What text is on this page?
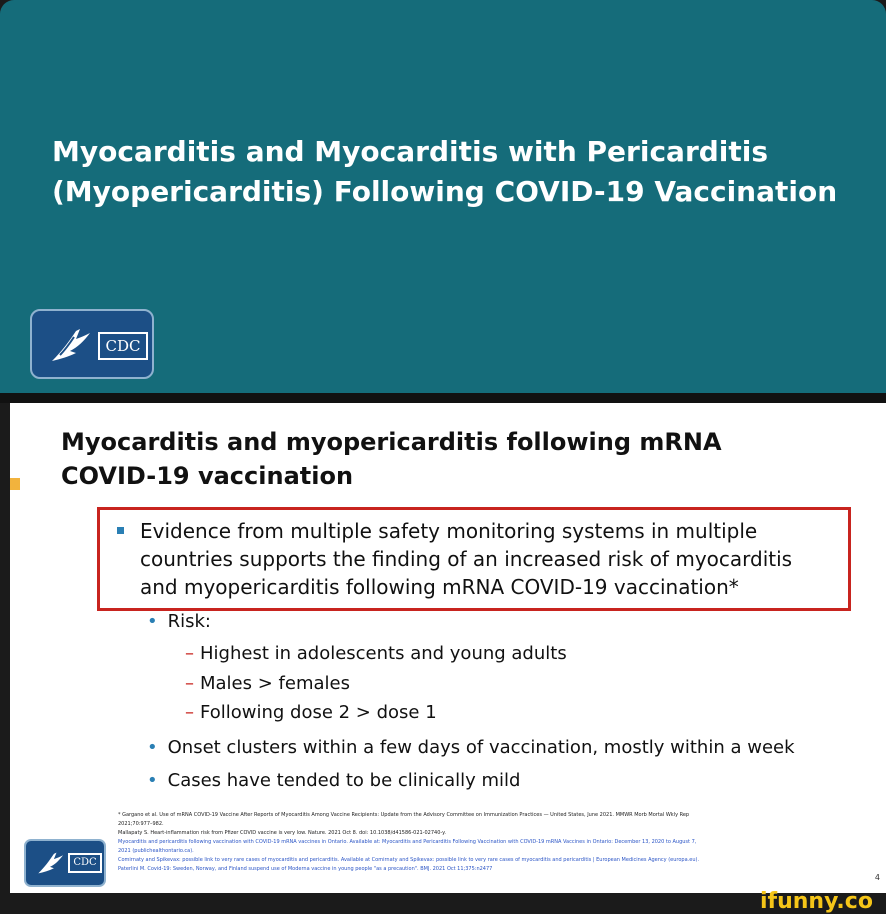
Myocarditis and Myocarditis with Pericarditis
(Myopericarditis) Following COVID-19 Vaccination
CDC
Myocarditis and myopericarditis following mRNA
COVID-19 vaccination
Evidence from multiple safety monitoring systems in multiple
countries supports the finding of an increased risk of myocarditis
and myopericarditis following mRNA COVID-19 vaccination*
• Risk:
– Highest in adolescents and young adults
– Males > females
– Following dose 2 > dose 1
• Onset clusters within a few days of vaccination, mostly within a week
• Cases have tended to be clinically mild
* Gargano et al. Use of mRNA COVID-19 Vaccine After Reports of Myocarditis Among Vaccine Recipients: Update from the Advisory Committee on Immunization Practices — United States, June 2021. MMWR Morb Mortal Wkly Rep
2021;70:977–982.
Mallapaty S. Heart-inflammation risk from Pfizer COVID vaccine is very low. Nature. 2021 Oct 8. doi: 10.1038/d41586-021-02740-y.
Myocarditis and pericarditis following vaccination with COVID-19 mRNA vaccines in Ontario. Available at: Myocarditis and Pericarditis Following Vaccination with COVID-19 mRNA Vaccines in Ontario: December 13, 2020 to August 7,
2021 (publichealthontario.ca).
Comirnaty and Spikevax: possible link to very rare cases of myocarditis and pericarditis. Available at Comirnaty and Spikevax: possible link to very rare cases of myocarditis and pericarditis | European Medicines Agency (europa.eu).
Paterlini M. Covid-19: Sweden, Norway, and Finland suspend use of Moderna vaccine in young people "as a precaution". BMJ. 2021 Oct 11;375:n2477
CDC
4
ifunny.co
